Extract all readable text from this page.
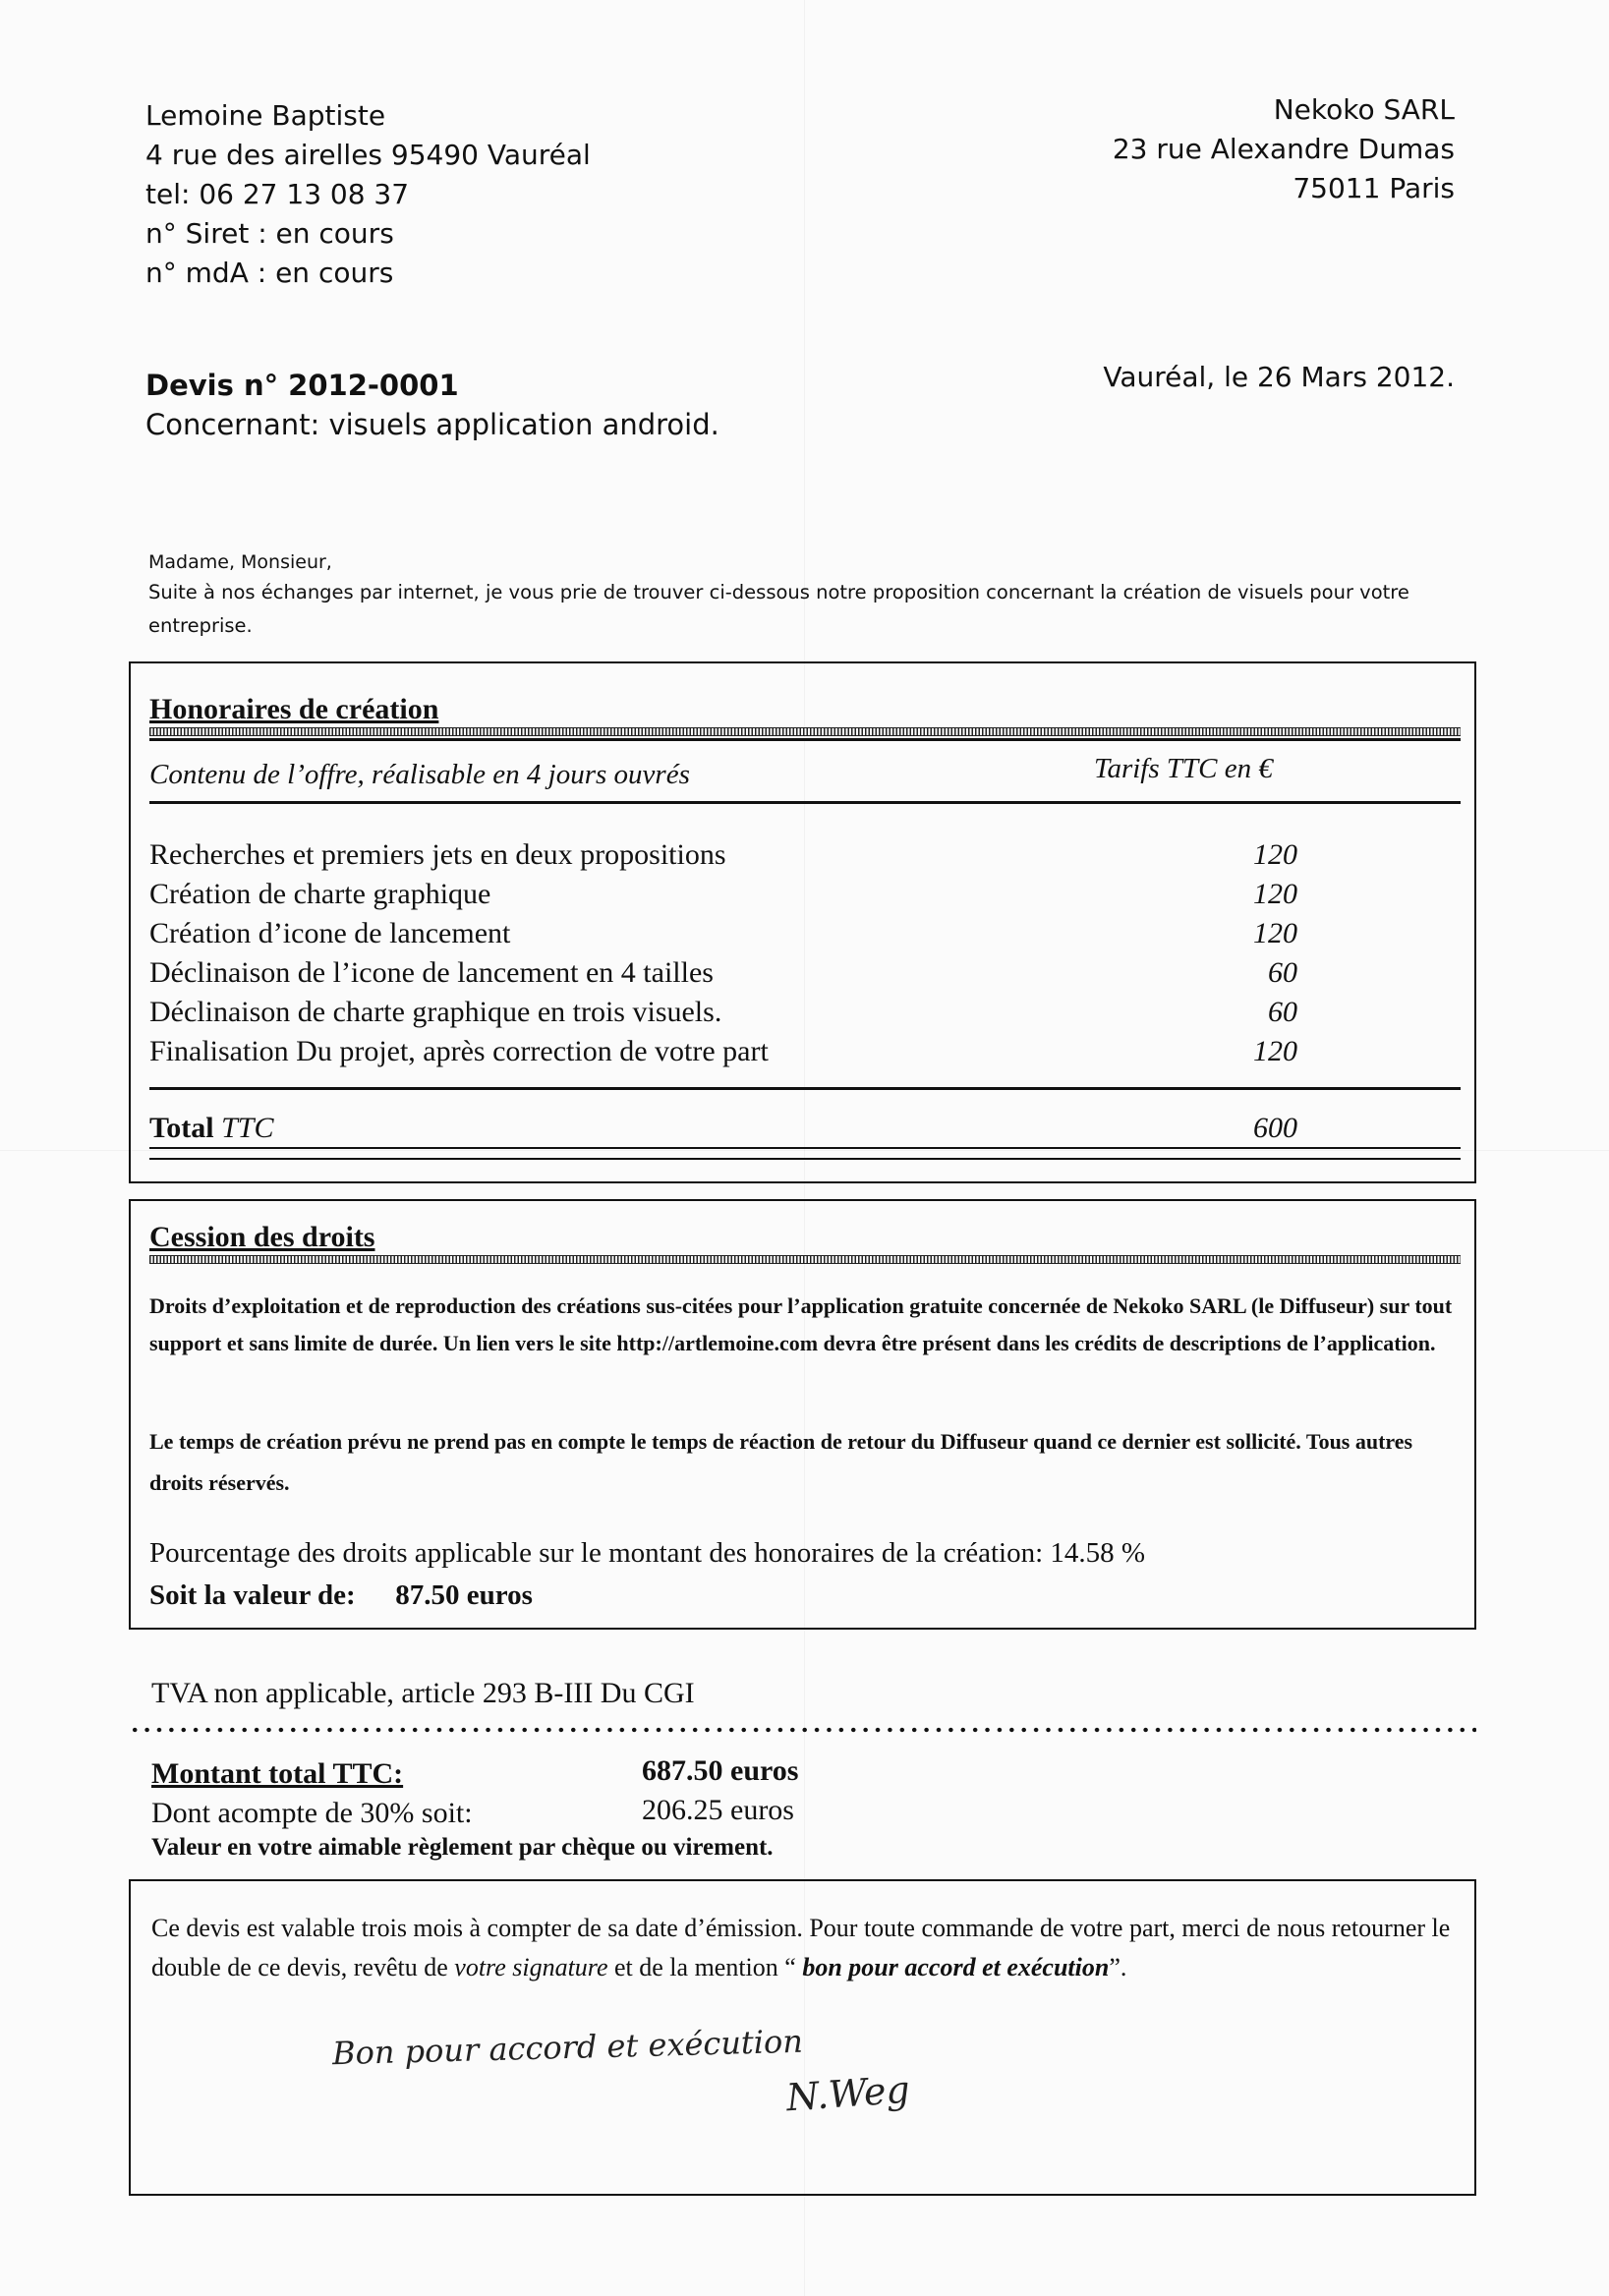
Lemoine Baptiste
4 rue des airelles 95490 Vauréal
tel: 06 27 13 08 37
n° Siret : en cours
n° mdA : en cours
Nekoko SARL
23 rue Alexandre Dumas
75011 Paris
Devis n° 2012-0001
Concernant: visuels application android.
Vauréal, le 26 Mars 2012.
Madame, Monsieur,
Suite à nos échanges par internet, je vous prie de trouver ci-dessous notre proposition concernant la création de visuels pour votre entreprise.
Honoraires de création
Contenu de l’offre, réalisable en 4 jours ouvrés	Tarifs TTC en €
Recherches et premiers jets en deux propositions	120
Création de charte graphique	120
Création d’icone de lancement	120
Déclinaison de l’icone de lancement en 4 tailles	60
Déclinaison de charte graphique en trois visuels.	60
Finalisation Du projet, après correction de votre part	120
Total TTC	600
Cession des droits
Droits d’exploitation et de reproduction des créations sus-citées pour l’application gratuite concernée de Nekoko SARL (le Diffuseur) sur tout support et sans limite de durée. Un lien vers le site http://artlemoine.com devra être présent dans les crédits de descriptions de l’application.
Le temps de création prévu ne prend pas en compte le temps de réaction de retour du Diffuseur quand ce dernier est sollicité. Tous autres droits réservés.
Pourcentage des droits applicable sur le montant des honoraires de la création: 14.58 %
Soit la valeur de: 87.50 euros
TVA non applicable, article 293 B-III Du CGI
Montant total TTC:	687.50 euros
Dont acompte de 30% soit:	206.25 euros
Valeur en votre aimable règlement par chèque ou virement.
Ce devis est valable trois mois à compter de sa date d’émission. Pour toute commande de votre part, merci de nous retourner le double de ce devis, revêtu de votre signature et de la mention “ bon pour accord et exécution”.
Bon pour accord et exécution
N.Weg
